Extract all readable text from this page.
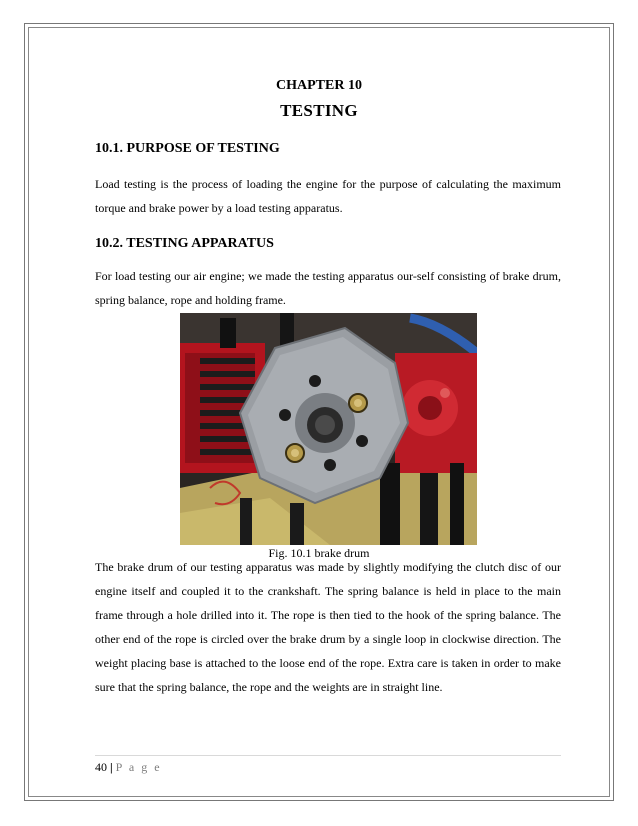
CHAPTER 10
TESTING
10.1. PURPOSE OF TESTING

Load testing is the process of loading the engine for the purpose of calculating the maximum torque and brake power by a load testing apparatus.

10.2. TESTING APPARATUS

For load testing our air engine; we made the testing apparatus our-self consisting of brake drum, spring balance, rope and holding frame.

Fig. 10.1 brake drum

The brake drum of our testing apparatus was made by slightly modifying the clutch disc of our engine itself and coupled it to the crankshaft. The spring balance is held in place to the main frame through a hole drilled into it. The rope is then tied to the hook of the spring balance. The other end of the rope is circled over the brake drum by a single loop in clockwise direction. The weight placing base is attached to the loose end of the rope. Extra care is taken in order to make sure that the spring balance, the rope and the weights are in straight line.

40 | P a g e
